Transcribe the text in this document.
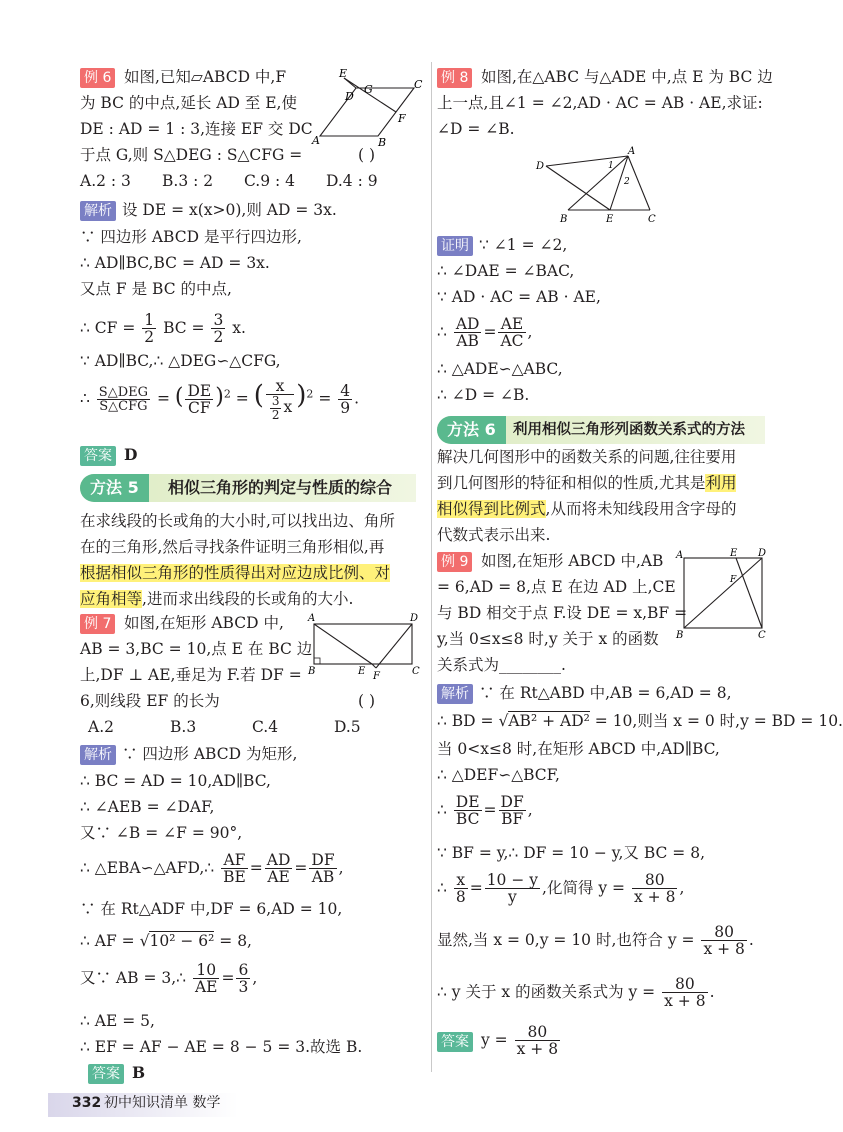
例 6 如图,已知▱ABCD 中,F
为 BC 的中点,延长 AD 至 E,使
DE : AD = 1 : 3,连接 EF 交 DC
于点 G,则 S△DEG : S△CFG =	( )
A.2 : 3 B.3 : 2 C.9 : 4 D.4 : 9
E
G	C
D
F
A	B
解析 设 DE = x(x>0),则 AD = 3x.
∵ 四边形 ABCD 是平行四边形,
∴ AD∥BC,BC = AD = 3x.
又点 F 是 BC 的中点,
∴ CF = $\frac{1}{2}$ BC = $\frac{3}{2} x$.
∵ AD∥BC,∴ △DEG∽△CFG,
∴ $\frac{\text{S△DEG}}{\text{S△CFG}}$ = ( $\frac{DE}{CF} )^2$ = ( $\frac{x}{\frac{3}{2} x} )^2 = \frac{4}{9}$ .
答案 D
方法 5	相似三角形的判定与性质的综合
在求线段的长或角的大小时,可以找出边、角所
在的三角形,然后寻找条件证明三角形相似,再
根据相似三角形的性质得出对应边成比例、对
应角相等,进而求出线段的长或角的大小.
例 7 如图,在矩形 ABCD 中,
AB = 3,BC = 10,点 E 在 BC 边
上,DF ⊥ AE,垂足为 F.若 DF =
6,则线段 EF 的长为	( )
A.2	B.3	C.4	D.5
A	D
B	E	C
F
解析 ∵ 四边形 ABCD 为矩形,
∴ BC = AD = 10,AD∥BC,
∴ ∠AEB = ∠DAF,
又∵ ∠B = ∠F = 90°,
∴ △EBA∽△AFD,∴ $\frac{AF}{BE} = \frac{AD}{AE} = \frac{DF}{AB}$ ,
∵ 在 Rt△ADF 中,DF = 6,AD = 10,
∴ AF = √10² − 6² = 8,
又∵ AB = 3,∴ $\frac{10}{AE} = \frac{6}{3}$ ,
∴ AE = 5,
∴ EF = AF − AE = 8 − 5 = 3.故选 B.
答案 B
332 初中知识清单 数学
例 8 如图,在△ABC 与△ADE 中,点 E 为 BC 边
上一点,且∠1 = ∠2,AD · AC = AB · AE,求证:
∠D = ∠B.
A
D	1
2
B	E	C
证明 ∵ ∠1 = ∠2,
∴ ∠DAE = ∠BAC,
∵ AD · AC = AB · AE,
∴ $\frac{AD}{AB} = \frac{AE}{AC}$ ,
∴ △ADE∽△ABC,
∴ ∠D = ∠B.
方法 6	利用相似三角形列函数关系式的方法
解决几何图形中的函数关系的问题,往往要用
到几何图形的特征和相似的性质,尤其是利用
相似得到比例式,从而将未知线段用含字母的
代数式表示出来.
例 9 如图,在矩形 ABCD 中,AB
= 6,AD = 8,点 E 在边 AD 上,CE
与 BD 相交于点 F.设 DE = x,BF =
y,当 0≤x≤8 时,y 关于 x 的函数
关系式为________.
A	E D
F
B	C
解析 ∵ 在 Rt△ABD 中,AB = 6,AD = 8,
∴ BD = √AB² + AD² = 10,则当 x = 0 时,y = BD = 10.
当 0<x≤8 时,在矩形 ABCD 中,AD∥BC,
∴ △DEF∽△BCF,
∴ $\frac{DE}{BC} = \frac{DF}{BF}$ ,
∵ BF = y,∴ DF = 10 − y,又 BC = 8,
∴ $\frac{x}{8} = \frac{10 - y}{y}$ ,化简得 $y = \frac{80}{x + 8}$ ,
显然,当 x = 0,y = 10 时,也符合 $y = \frac{80}{x + 8}$ .
∴ y 关于 x 的函数关系式为 $y = \frac{80}{x + 8}$ .
答案 $y = \frac{80}{x + 8}$
